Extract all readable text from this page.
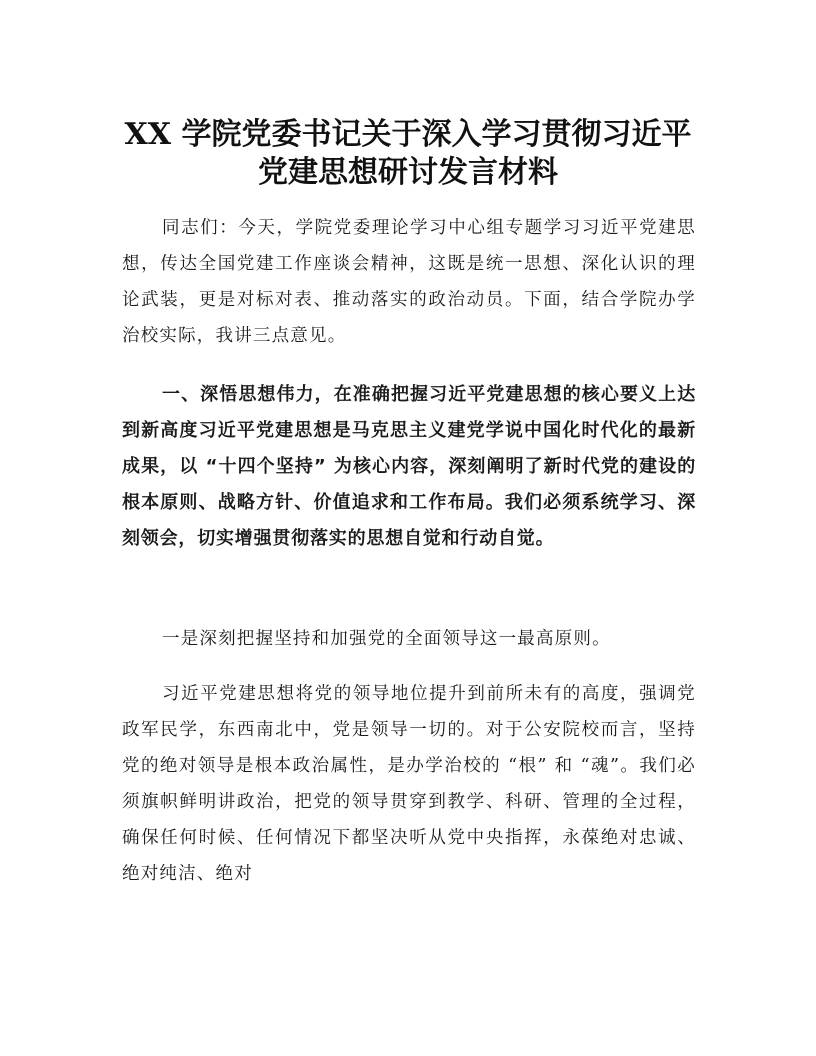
XX 学院党委书记关于深入学习贯彻习近平
党建思想研讨发言材料

同志们：今天，学院党委理论学习中心组专题学习习近平党建思想，传达全国党建工作座谈会精神，这既是统一思想、深化认识的理论武装，更是对标对表、推动落实的政治动员。下面，结合学院办学治校实际，我讲三点意见。

一、深悟思想伟力，在准确把握习近平党建思想的核心要义上达到新高度习近平党建思想是马克思主义建党学说中国化时代化的最新成果，以 “十四个坚持” 为核心内容，深刻阐明了新时代党的建设的根本原则、战略方针、价值追求和工作布局。我们必须系统学习、深刻领会，切实增强贯彻落实的思想自觉和行动自觉。

一是深刻把握坚持和加强党的全面领导这一最高原则。

习近平党建思想将党的领导地位提升到前所未有的高度，强调党政军民学，东西南北中，党是领导一切的。对于公安院校而言，坚持党的绝对领导是根本政治属性，是办学治校的 “根” 和 “魂”。我们必须旗帜鲜明讲政治，把党的领导贯穿到教学、科研、管理的全过程，确保任何时候、任何情况下都坚决听从党中央指挥，永葆绝对忠诚、绝对纯洁、绝对
